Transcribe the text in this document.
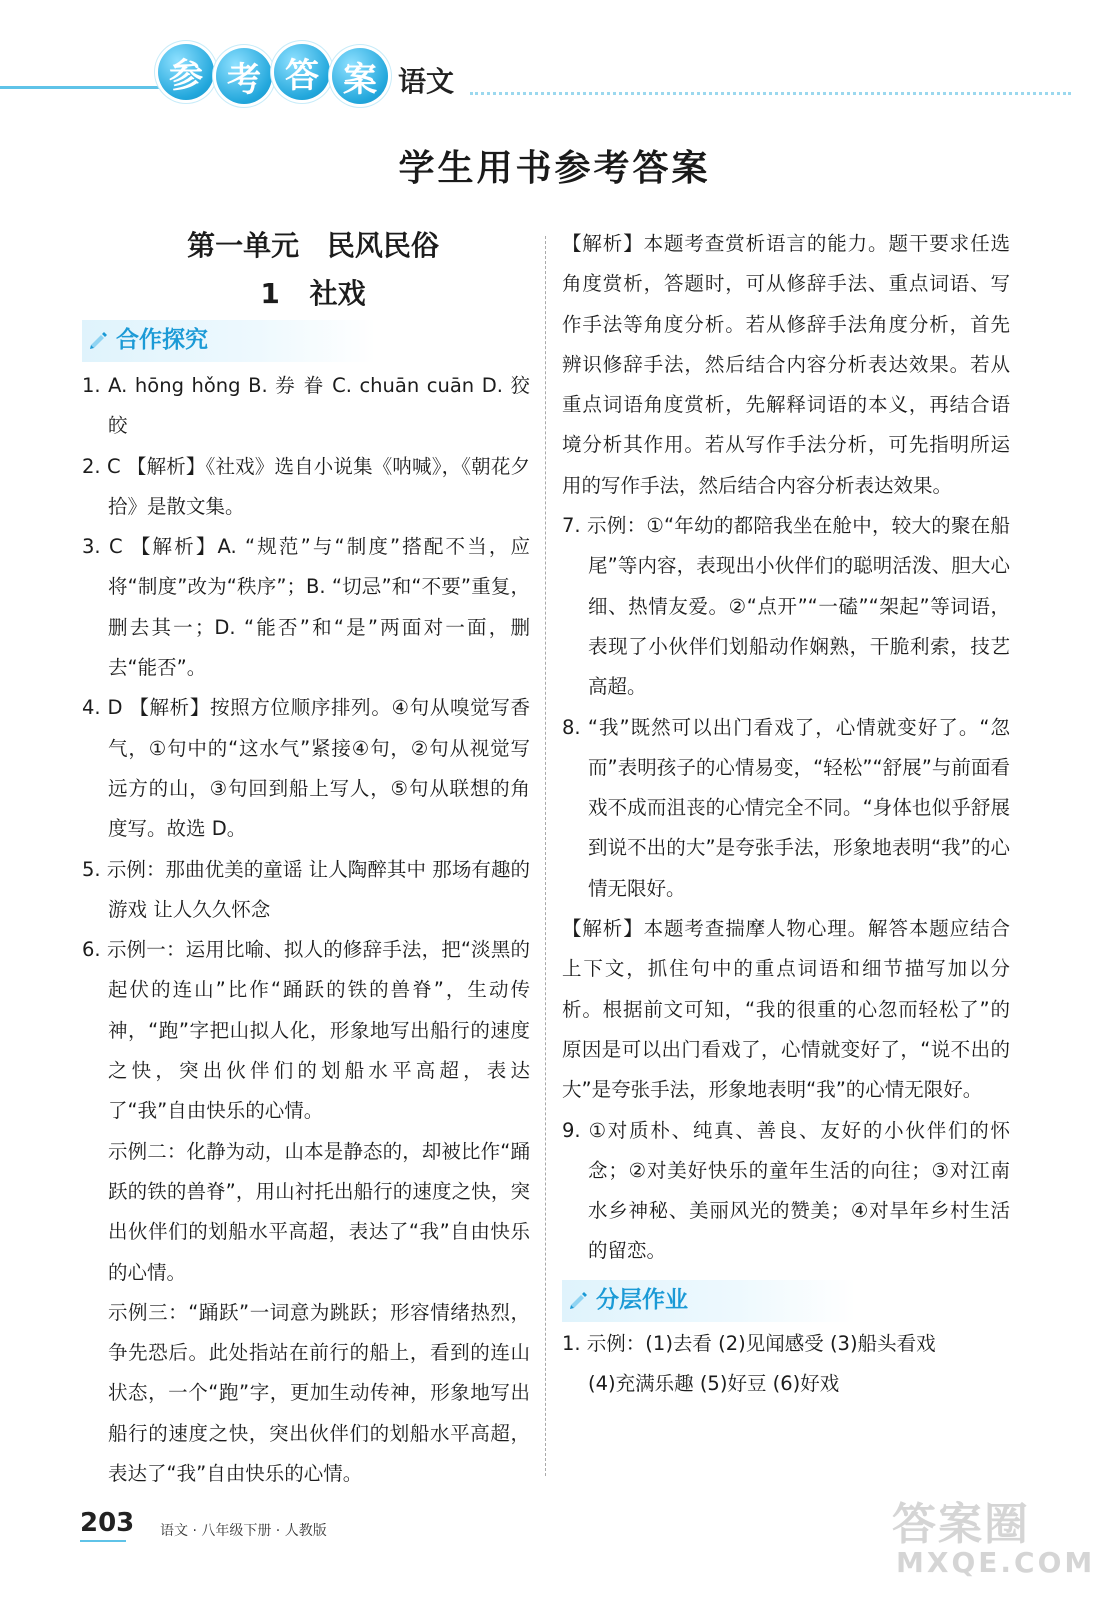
参 考 答 案 语文
学生用书参考答案
第一单元 民风民俗
1 社戏
合作探究
1. A. hōng hǒng B. 券 眷 C. chuān cuān D. 狡 皎
2. C 【解析】《社戏》选自小说集《呐喊》，《朝花夕拾》是散文集。
3. C 【解析】A. “规范”与“制度”搭配不当，应将“制度”改为“秩序”；B. “切忌”和“不要”重复，删去其一；D. “能否”和“是”两面对一面，删去“能否”。
4. D 【解析】按照方位顺序排列。④句从嗅觉写香气，①句中的“这水气”紧接④句，②句从视觉写远方的山，③句回到船上写人，⑤句从联想的角度写。故选 D。
5. 示例：那曲优美的童谣 让人陶醉其中 那场有趣的游戏 让人久久怀念
6. 示例一：运用比喻、拟人的修辞手法，把“淡黑的起伏的连山”比作“踊跃的铁的兽脊”，生动传神，“跑”字把山拟人化，形象地写出船行的速度之快，突出伙伴们的划船水平高超，表达了“我”自由快乐的心情。
示例二：化静为动，山本是静态的，却被比作“踊跃的铁的兽脊”，用山衬托出船行的速度之快，突出伙伴们的划船水平高超，表达了“我”自由快乐的心情。
示例三：“踊跃”一词意为跳跃；形容情绪热烈，争先恐后。此处指站在前行的船上，看到的连山状态，一个“跑”字，更加生动传神，形象地写出船行的速度之快，突出伙伴们的划船水平高超，表达了“我”自由快乐的心情。
【解析】本题考查赏析语言的能力。题干要求任选角度赏析，答题时，可从修辞手法、重点词语、写作手法等角度分析。若从修辞手法角度分析，首先辨识修辞手法，然后结合内容分析表达效果。若从重点词语角度赏析，先解释词语的本义，再结合语境分析其作用。若从写作手法分析，可先指明所运用的写作手法，然后结合内容分析表达效果。
7. 示例：①“年幼的都陪我坐在舱中，较大的聚在船尾”等内容，表现出小伙伴们的聪明活泼、胆大心细、热情友爱。②“点开”“一磕”“架起”等词语，表现了小伙伴们划船动作娴熟，干脆利索，技艺高超。
8. “我”既然可以出门看戏了，心情就变好了。“忽而”表明孩子的心情易变，“轻松”“舒展”与前面看戏不成而沮丧的心情完全不同。“身体也似乎舒展到说不出的大”是夸张手法，形象地表明“我”的心情无限好。
【解析】本题考查揣摩人物心理。解答本题应结合上下文，抓住句中的重点词语和细节描写加以分析。根据前文可知，“我的很重的心忽而轻松了”的原因是可以出门看戏了，心情就变好了，“说不出的大”是夸张手法，形象地表明“我”的心情无限好。
9. ①对质朴、纯真、善良、友好的小伙伴们的怀念；②对美好快乐的童年生活的向往；③对江南水乡神秘、美丽风光的赞美；④对旱年乡村生活的留恋。
分层作业
1. 示例：(1)去看 (2)见闻感受 (3)船头看戏
(4)充满乐趣 (5)好豆 (6)好戏
203 语文 · 八年级下册 · 人教版	答案圈
MXQE.COM
